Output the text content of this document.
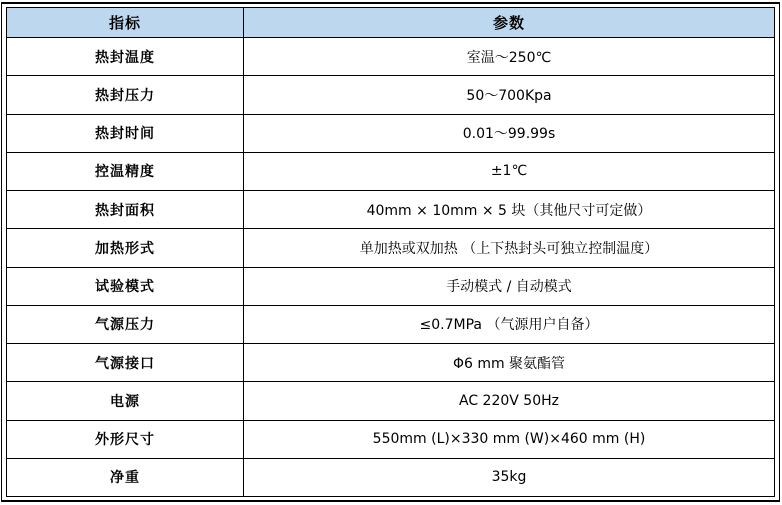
指标	参数
热封温度	室温～250℃
热封压力	50～700Kpa
热封时间	0.01～99.99s
控温精度	±1℃
热封面积	40mm × 10mm × 5 块（其他尺寸可定做）
加热形式	单加热或双加热 （上下热封头可独立控制温度）
试验模式	手动模式 / 自动模式
气源压力	≤0.7MPa （气源用户自备）
气源接口	Φ6 mm 聚氨酯管
电源	AC 220V 50Hz
外形尺寸	550mm (L)×330 mm (W)×460 mm (H)
净重	35kg
